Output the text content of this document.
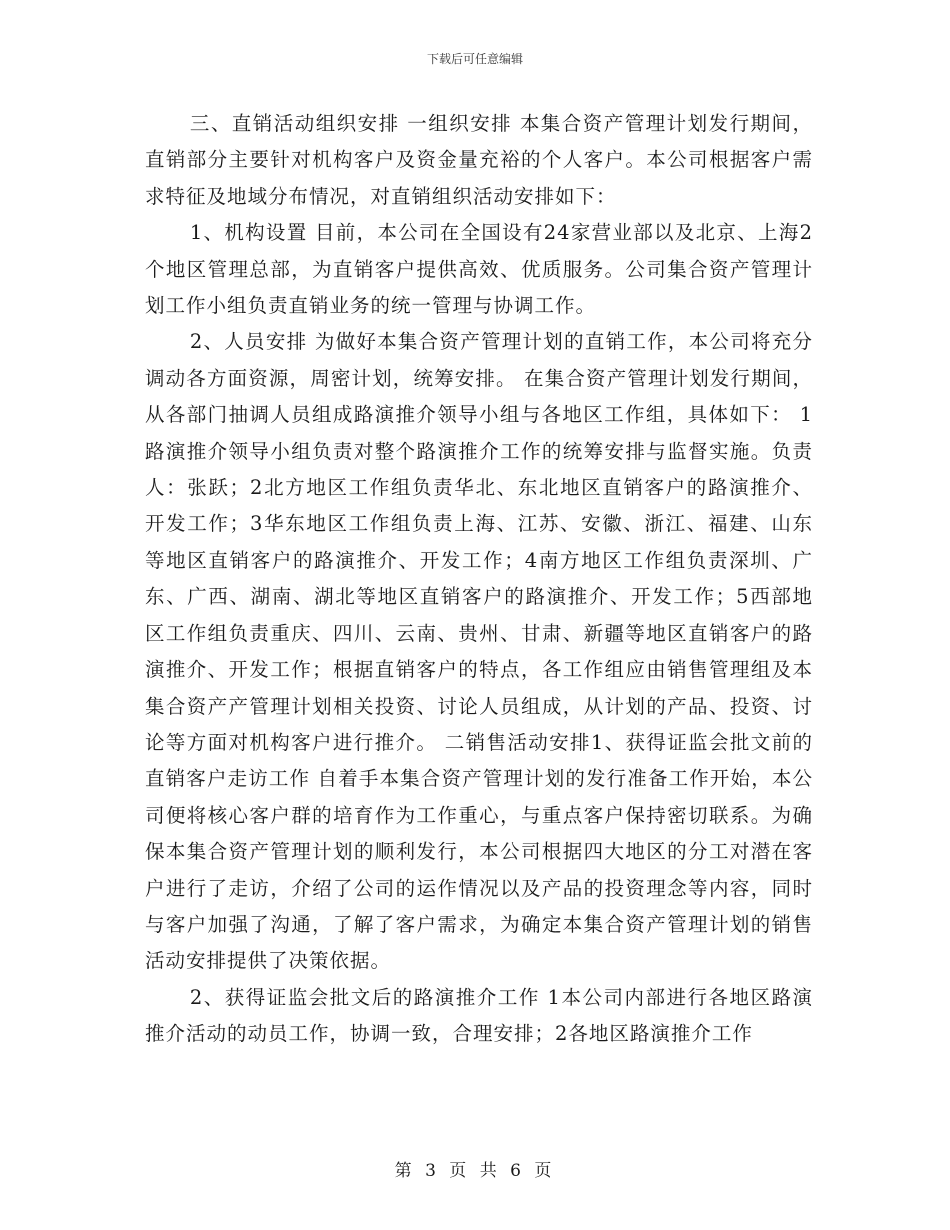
下载后可任意编辑

三、直销活动组织安排 一组织安排 本集合资产管理计划发行期间，直销部分主要针对机构客户及资金量充裕的个人客户。本公司根据客户需求特征及地域分布情况，对直销组织活动安排如下：

1、机构设置 目前，本公司在全国设有24家营业部以及北京、上海2个地区管理总部，为直销客户提供高效、优质服务。公司集合资产管理计划工作小组负责直销业务的统一管理与协调工作。

2、人员安排 为做好本集合资产管理计划的直销工作，本公司将充分调动各方面资源，周密计划，统筹安排。 在集合资产管理计划发行期间，从各部门抽调人员组成路演推介领导小组与各地区工作组，具体如下： 1路演推介领导小组负责对整个路演推介工作的统筹安排与监督实施。负责人：张跃；2北方地区工作组负责华北、东北地区直销客户的路演推介、开发工作；3华东地区工作组负责上海、江苏、安徽、浙江、福建、山东等地区直销客户的路演推介、开发工作；4南方地区工作组负责深圳、广东、广西、湖南、湖北等地区直销客户的路演推介、开发工作；5西部地区工作组负责重庆、四川、云南、贵州、甘肃、新疆等地区直销客户的路演推介、开发工作；根据直销客户的特点，各工作组应由销售管理组及本集合资产产管理计划相关投资、讨论人员组成，从计划的产品、投资、讨论等方面对机构客户进行推介。 二销售活动安排1、获得证监会批文前的直销客户走访工作 自着手本集合资产管理计划的发行准备工作开始，本公司便将核心客户群的培育作为工作重心，与重点客户保持密切联系。为确保本集合资产管理计划的顺利发行，本公司根据四大地区的分工对潜在客户进行了走访，介绍了公司的运作情况以及产品的投资理念等内容，同时与客户加强了沟通，了解了客户需求，为确定本集合资产管理计划的销售活动安排提供了决策依据。

2、获得证监会批文后的路演推介工作 1本公司内部进行各地区路演推介活动的动员工作，协调一致，合理安排；2各地区路演推介工作

第 3 页 共 6 页
